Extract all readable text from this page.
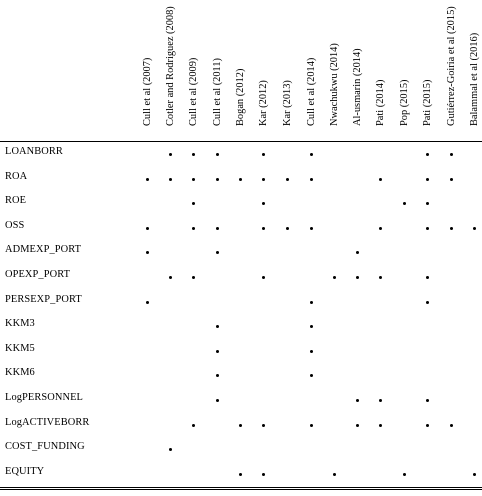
Cull et al (2007) Cotler and Rodriguez (2008) Cull et al (2009) Cull et al (2011) Bogan (2012) Kar (2012) Kar (2013) Cull et al (2014) Nwachukwu (2014) Al-usmarin (2014) Pati (2014) Pop (2015) Pati (2015) Gutiérrez-Goiria et al (2015) Balammal et al (2016)
LOANBORR
ROA
ROE
OSS
ADMEXP_PORT
OPEXP_PORT
PERSEXP_PORT
KKM3
KKM5
KKM6
LogPERSONNEL
LogACTIVEBORR
COST_FUNDING
EQUITY
